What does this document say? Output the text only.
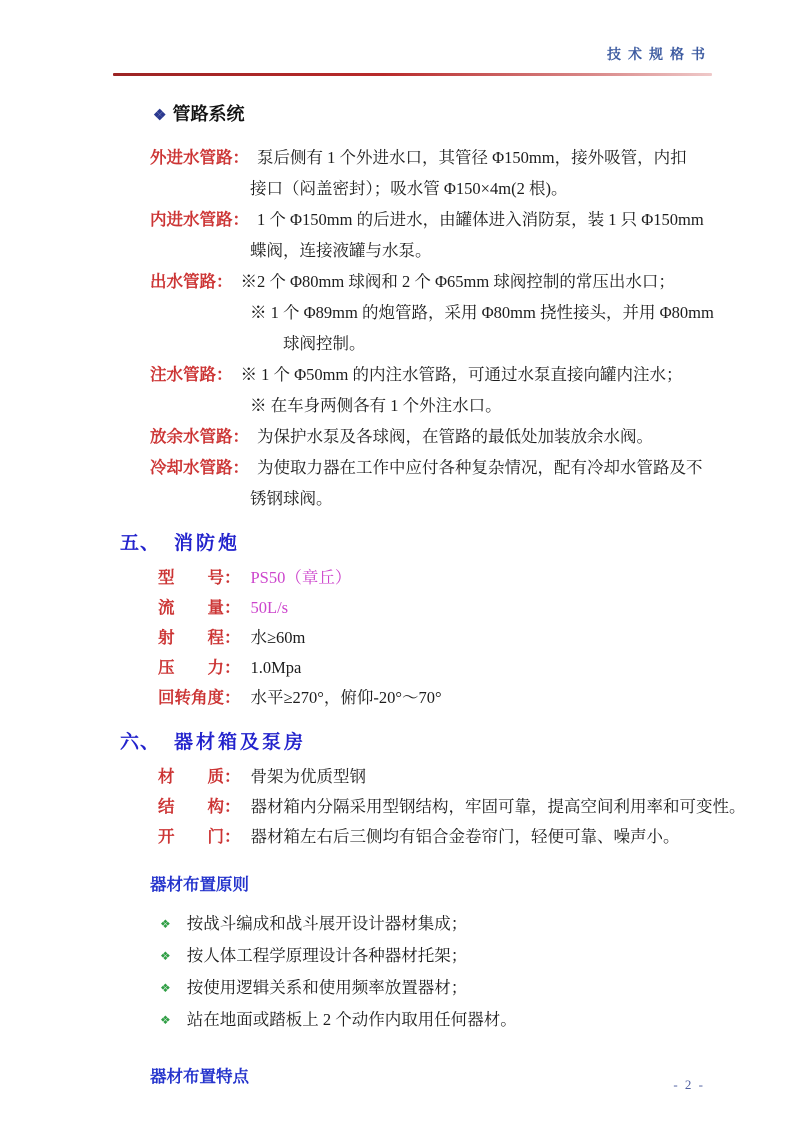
技术规格书
❖ 管路系统
外进水管路： 泵后侧有 1 个外进水口，其管径 Φ150mm，接外吸管，内扣
接口（闷盖密封）；吸水管 Φ150×4m(2 根)。
内进水管路： 1 个 Φ150mm 的后进水，由罐体进入消防泵，装 1 只 Φ150mm
蝶阀，连接液罐与水泵。
出水管路： ※2 个 Φ80mm 球阀和 2 个 Φ65mm 球阀控制的常压出水口；
※ 1 个 Φ89mm 的炮管路，采用 Φ80mm 挠性接头，并用 Φ80mm
球阀控制。
注水管路： ※ 1 个 Φ50mm 的内注水管路，可通过水泵直接向罐内注水；
※ 在车身两侧各有 1 个外注水口。
放余水管路： 为保护水泵及各球阀，在管路的最低处加装放余水阀。
冷却水管路： 为使取力器在工作中应付各种复杂情况，配有冷却水管路及不
锈钢球阀。
五、 消防炮
型　　号： PS50（章丘）
流　　量： 50L/s
射　　程： 水≥60m
压　　力： 1.0Mpa
回转角度： 水平≥270°，俯仰-20°～70°
六、 器材箱及泵房
材　　质： 骨架为优质型钢
结　　构： 器材箱内分隔采用型钢结构，牢固可靠，提高空间利用率和可变性。
开　　门： 器材箱左右后三侧均有铝合金卷帘门，轻便可靠、噪声小。
器材布置原则
❖ 按战斗编成和战斗展开设计器材集成；
❖ 按人体工程学原理设计各种器材托架；
❖ 按使用逻辑关系和使用频率放置器材；
❖ 站在地面或踏板上 2 个动作内取用任何器材。
器材布置特点	- 2 -
